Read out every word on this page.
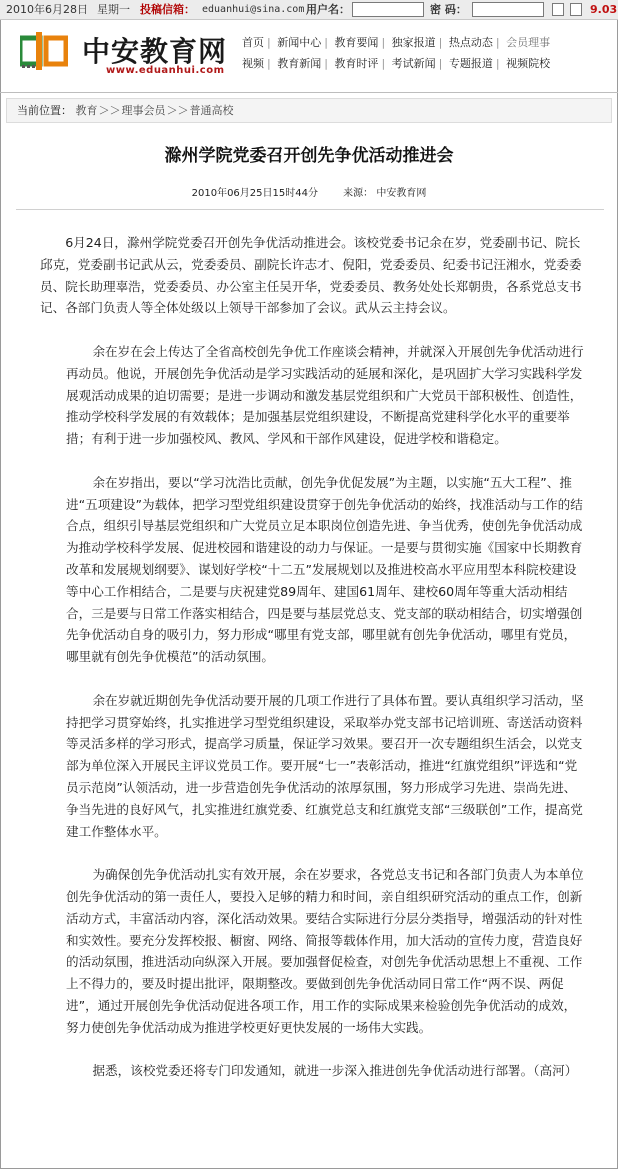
2010年6月28日 星期一 投稿信箱： eduanhui@sina.com 用户名：	密 码：	9.03
中安教育网
www.eduanhui.com
首页 | 新闻中心 | 教育要闻 | 独家报道 | 热点动态 | 会员理事
视频 | 教育新闻 | 教育时评 | 考试新闻 | 专题报道 | 视频院校
当前位置： 教育＞＞理事会员＞＞普通高校
滁州学院党委召开创先争优活动推进会
2010年06月25日15时44分	来源： 中安教育网

6月24日，滁州学院党委召开创先争优活动推进会。该校党委书记余在岁，党委副书记、院长邱克，党委副书记武从云，党委委员、副院长许志才、倪阳，党委委员、纪委书记汪湘水，党委委员、院长助理辜浩，党委委员、办公室主任吴开华，党委委员、教务处处长郑朝贵，各系党总支书记、各部门负责人等全体处级以上领导干部参加了会议。武从云主持会议。

余在岁在会上传达了全省高校创先争优工作座谈会精神，并就深入开展创先争优活动进行再动员。他说，开展创先争优活动是学习实践活动的延展和深化，是巩固扩大学习实践科学发展观活动成果的迫切需要；是进一步调动和激发基层党组织和广大党员干部积极性、创造性，推动学校科学发展的有效载体；是加强基层党组织建设，不断提高党建科学化水平的重要举措；有利于进一步加强校风、教风、学风和干部作风建设，促进学校和谐稳定。

余在岁指出，要以“学习沈浩比贡献，创先争优促发展”为主题，以实施“五大工程”、推进“五项建设”为载体，把学习型党组织建设贯穿于创先争优活动的始终，找准活动与工作的结合点，组织引导基层党组织和广大党员立足本职岗位创造先进、争当优秀，使创先争优活动成为推动学校科学发展、促进校园和谐建设的动力与保证。一是要与贯彻实施《国家中长期教育改革和发展规划纲要》、谋划好学校“十二五”发展规划以及推进校高水平应用型本科院校建设等中心工作相结合，二是要与庆祝建党89周年、建国61周年、建校60周年等重大活动相结合，三是要与日常工作落实相结合，四是要与基层党总支、党支部的联动相结合，切实增强创先争优活动自身的吸引力，努力形成“哪里有党支部，哪里就有创先争优活动，哪里有党员，哪里就有创先争优模范”的活动氛围。

余在岁就近期创先争优活动要开展的几项工作进行了具体布置。要认真组织学习活动，坚持把学习贯穿始终，扎实推进学习型党组织建设，采取举办党支部书记培训班、寄送活动资料等灵活多样的学习形式，提高学习质量，保证学习效果。要召开一次专题组织生活会，以党支部为单位深入开展民主评议党员工作。要开展“七一”表彰活动，推进“红旗党组织”评选和“党员示范岗”认领活动，进一步营造创先争优活动的浓厚氛围，努力形成学习先进、崇尚先进、争当先进的良好风气，扎实推进红旗党委、红旗党总支和红旗党支部“三级联创”工作，提高党建工作整体水平。

为确保创先争优活动扎实有效开展，余在岁要求，各党总支书记和各部门负责人为本单位创先争优活动的第一责任人，要投入足够的精力和时间，亲自组织研究活动的重点工作，创新活动方式，丰富活动内容，深化活动效果。要结合实际进行分层分类指导，增强活动的针对性和实效性。要充分发挥校报、橱窗、网络、简报等载体作用，加大活动的宣传力度，营造良好的活动氛围，推进活动向纵深入开展。要加强督促检查，对创先争优活动思想上不重视、工作上不得力的，要及时提出批评，限期整改。要做到创先争优活动同日常工作“两不误、两促进”，通过开展创先争优活动促进各项工作，用工作的实际成果来检验创先争优活动的成效，努力使创先争优活动成为推进学校更好更快发展的一场伟大实践。

据悉，该校党委还将专门印发通知，就进一步深入推进创先争优活动进行部署。（高河）
